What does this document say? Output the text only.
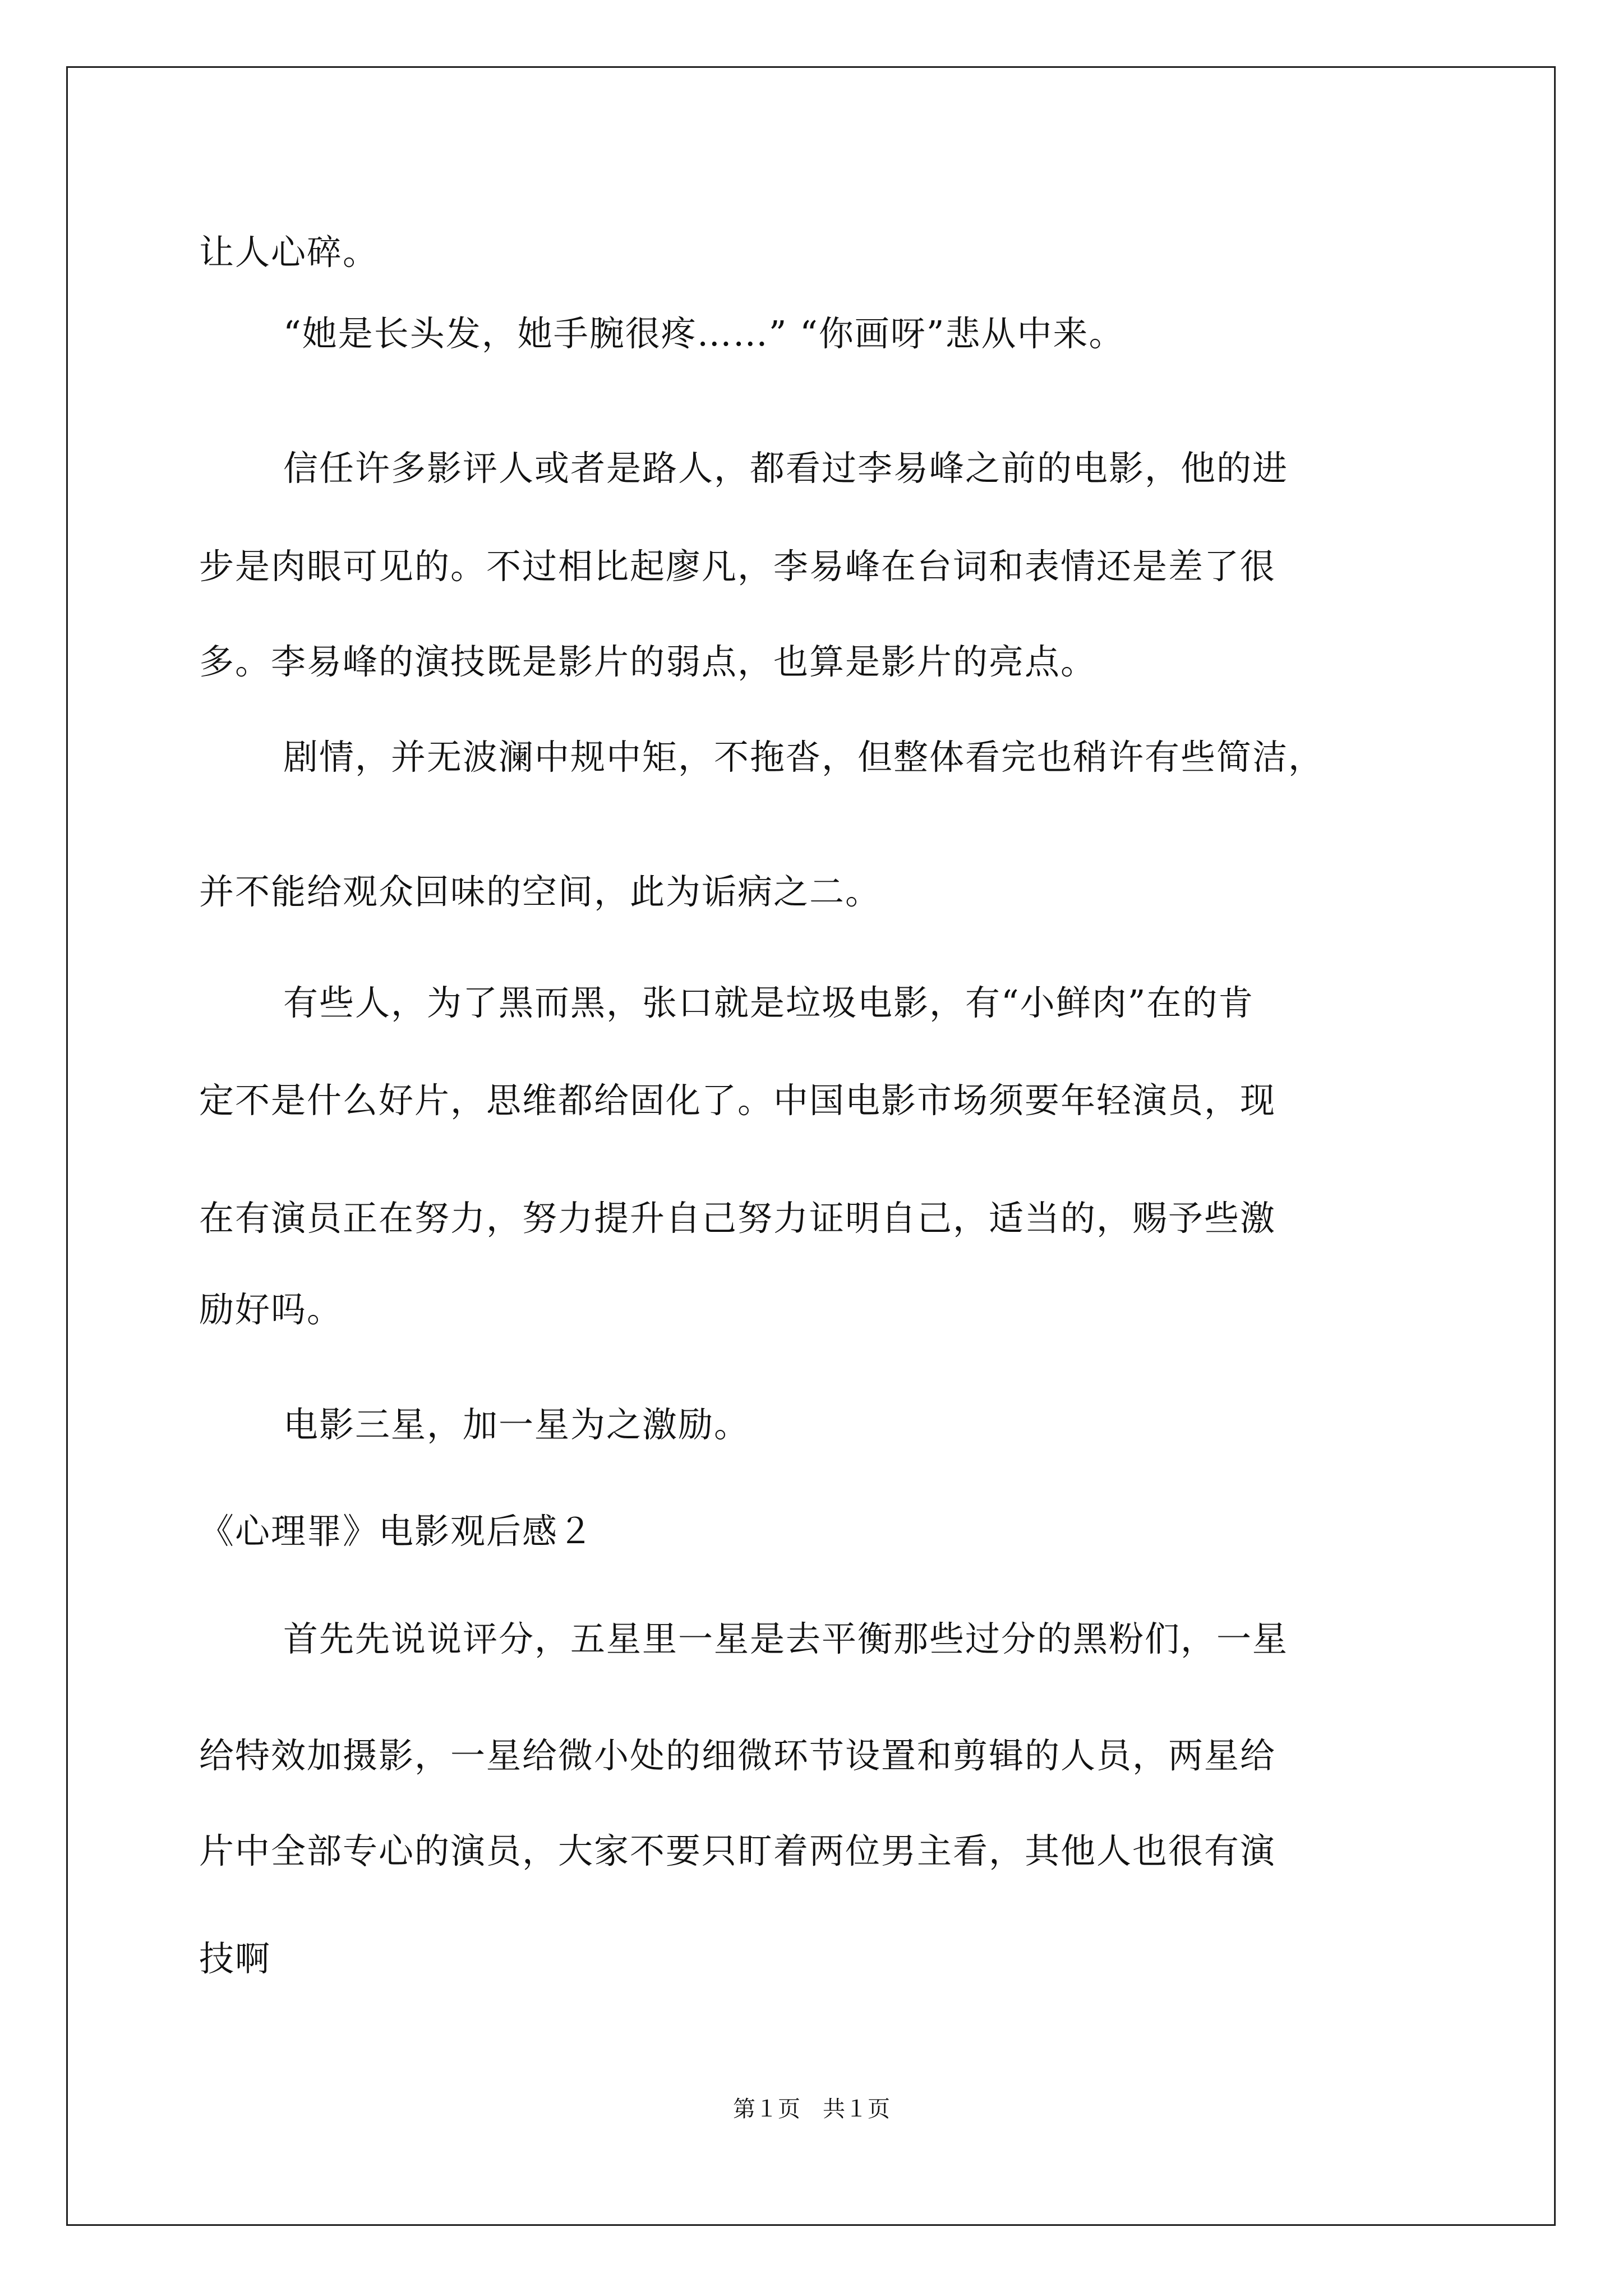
让人心碎。
“她是长头发，她手腕很疼……” “你画呀”悲从中来。
信任许多影评人或者是路人，都看过李易峰之前的电影，他的进
步是肉眼可见的。不过相比起廖凡，李易峰在台词和表情还是差了很
多。李易峰的演技既是影片的弱点，也算是影片的亮点。
剧情，并无波澜中规中矩，不拖沓，但整体看完也稍许有些简洁，
并不能给观众回味的空间，此为诟病之二。
有些人，为了黑而黑，张口就是垃圾电影，有“小鲜肉”在的肯
定不是什么好片，思维都给固化了。中国电影市场须要年轻演员，现
在有演员正在努力，努力提升自己努力证明自己，适当的，赐予些激
励好吗。
电影三星，加一星为之激励。
《心理罪》电影观后感２
首先先说说评分，五星里一星是去平衡那些过分的黑粉们，一星
给特效加摄影，一星给微小处的细微环节设置和剪辑的人员，两星给
片中全部专心的演员，大家不要只盯着两位男主看，其他人也很有演
技啊
第１页　共１页
